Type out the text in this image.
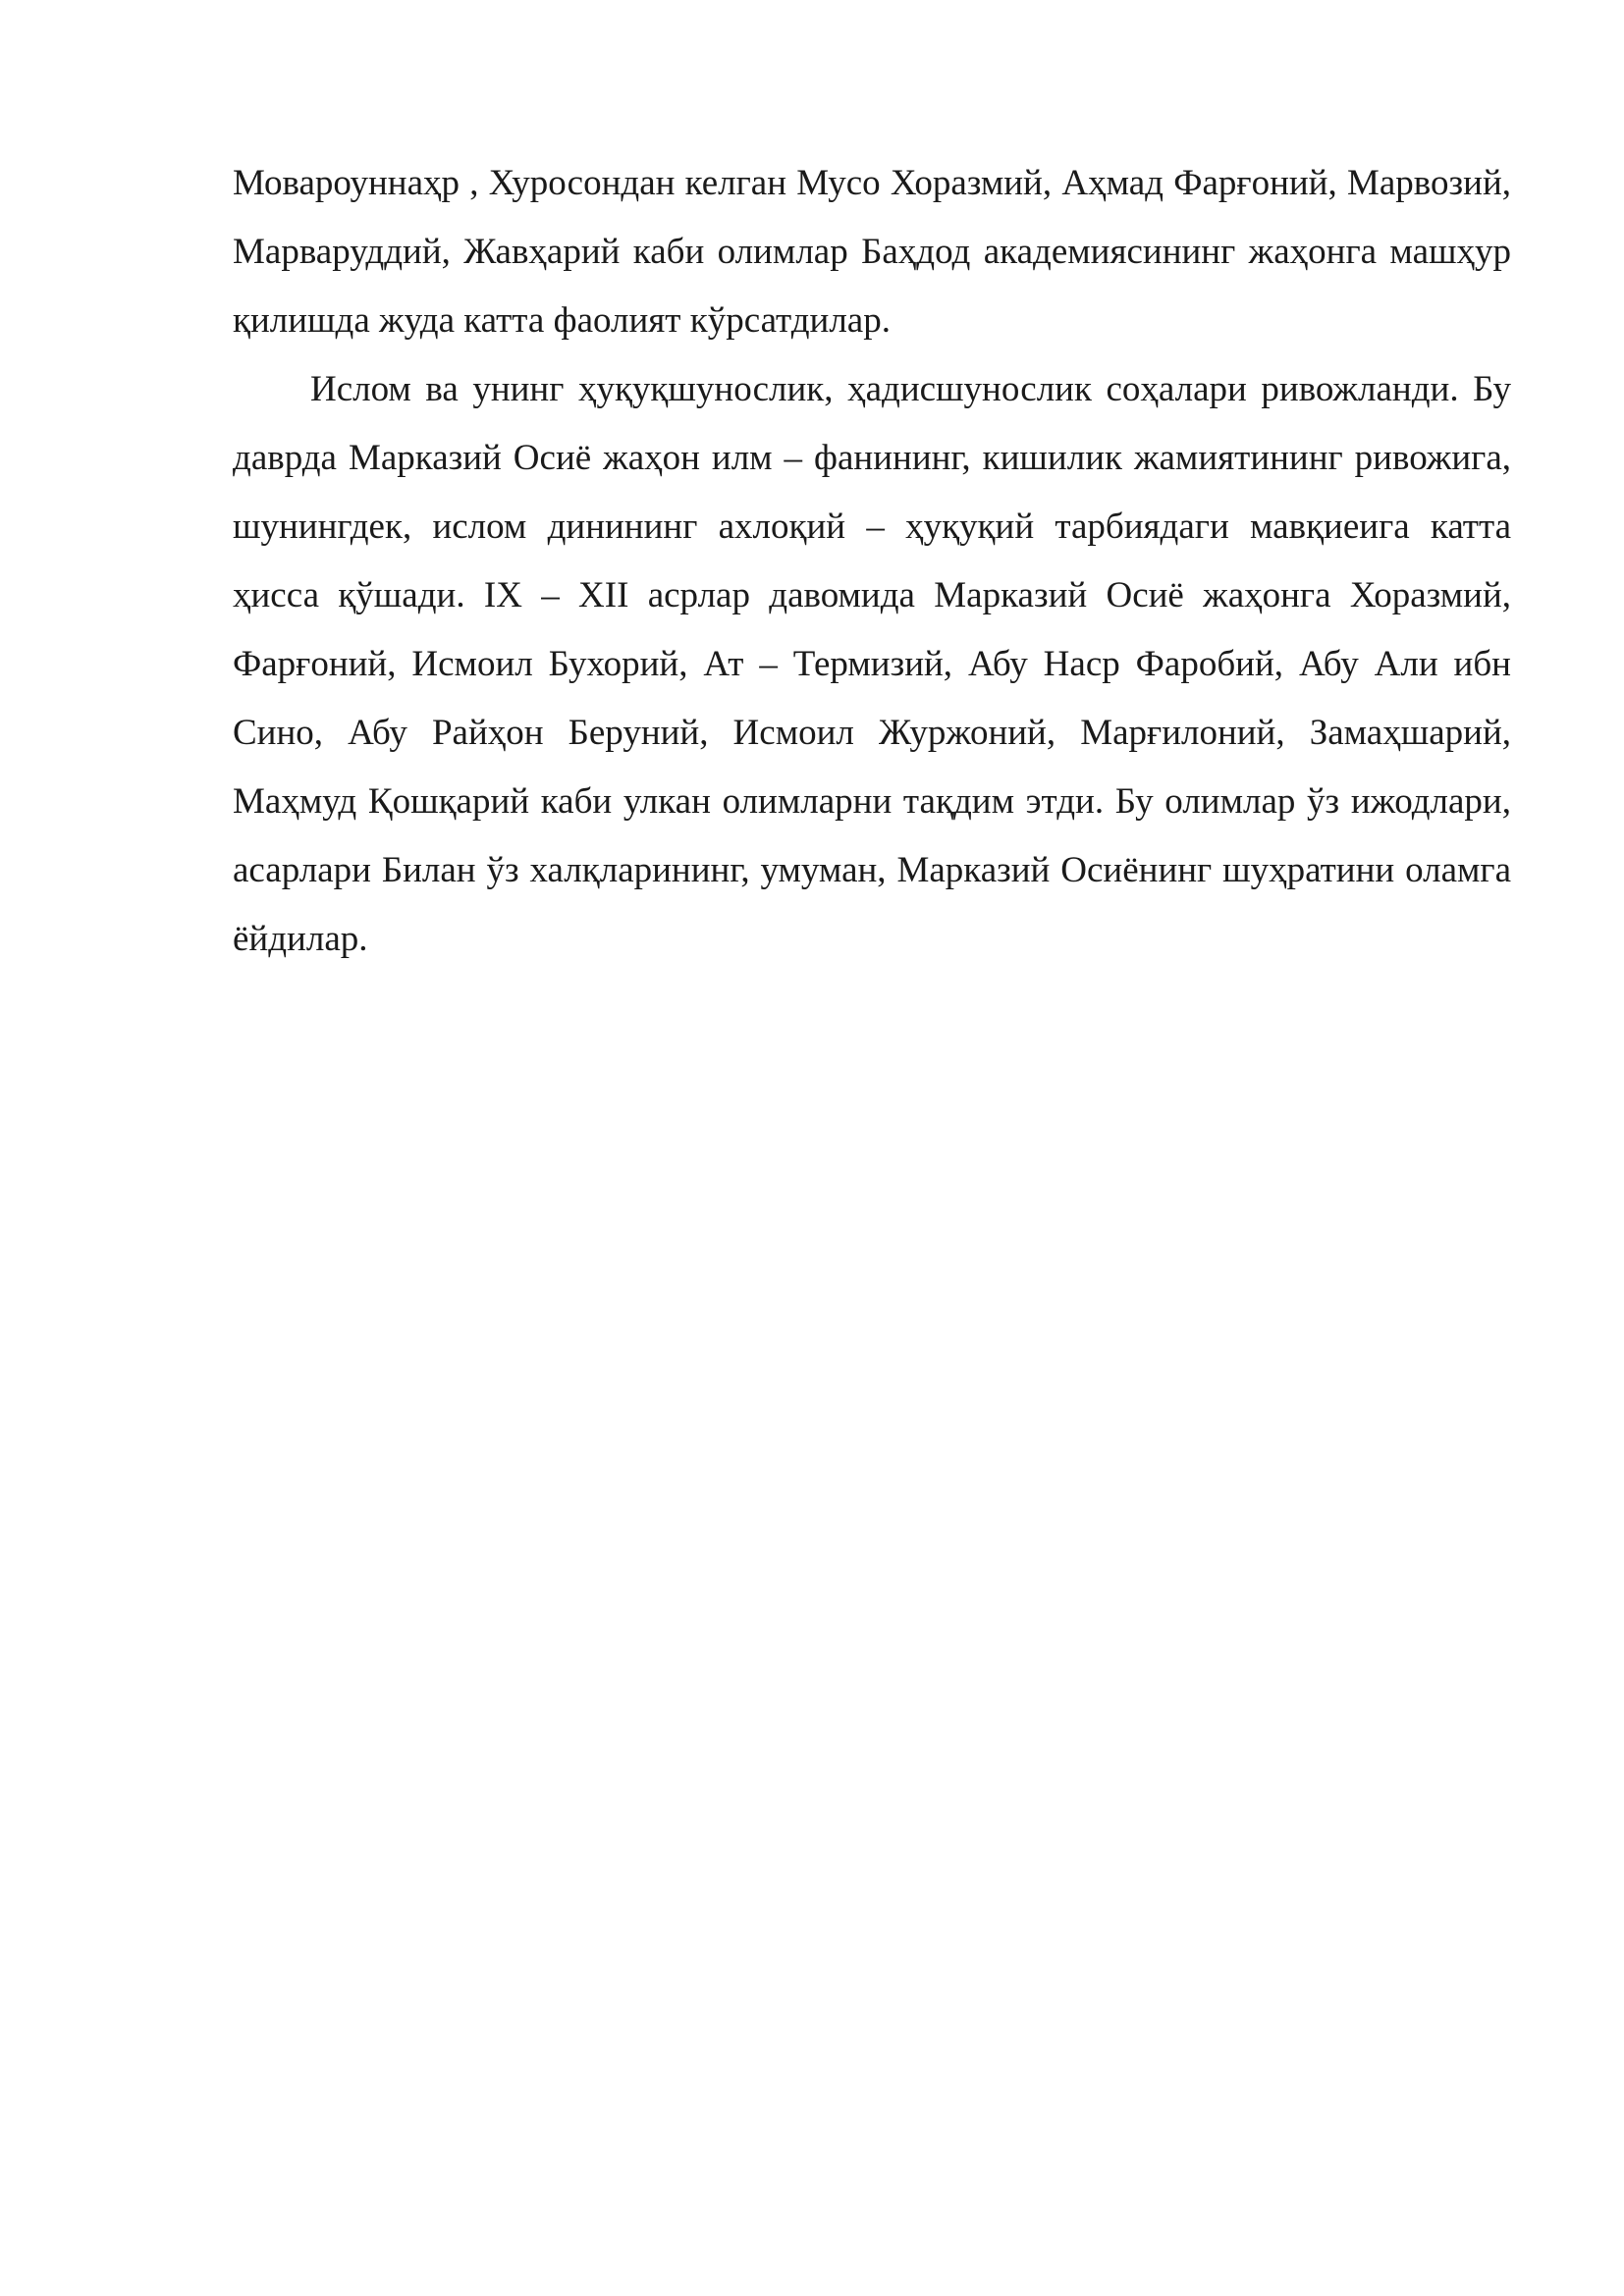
Мовароуннаҳр , Хуросондан келган Мусо Хоразмий, Аҳмад Фарғоний, Марвозий, Марваруддий, Жавҳарий каби олимлар Баҳдод академиясининг жаҳонга машҳур қилишда жуда катта фаолият кўрсатдилар.

Ислом ва унинг ҳуқуқшунослик, ҳадисшунослик соҳалари ривожланди. Бу даврда Марказий Осиё жаҳон илм – фанининг, кишилик жамиятининг ривожига, шунингдек, ислом динининг ахлоқий – ҳуқуқий тарбиядаги мавқиеига катта ҳисса қўшади. IX – XII асрлар давомида Марказий Осиё жаҳонга Хоразмий, Фарғоний, Исмоил Бухорий, Ат – Термизий, Абу Наср Фаробий, Абу Али ибн Сино, Абу Райҳон Беруний, Исмоил Журжоний, Марғилоний, Замаҳшарий, Маҳмуд Қошқарий каби улкан олимларни тақдим этди. Бу олимлар ўз ижодлари, асарлари Билан ўз халқларининг, умуман, Марказий Осиёнинг шуҳратини оламга ёйдилар.
